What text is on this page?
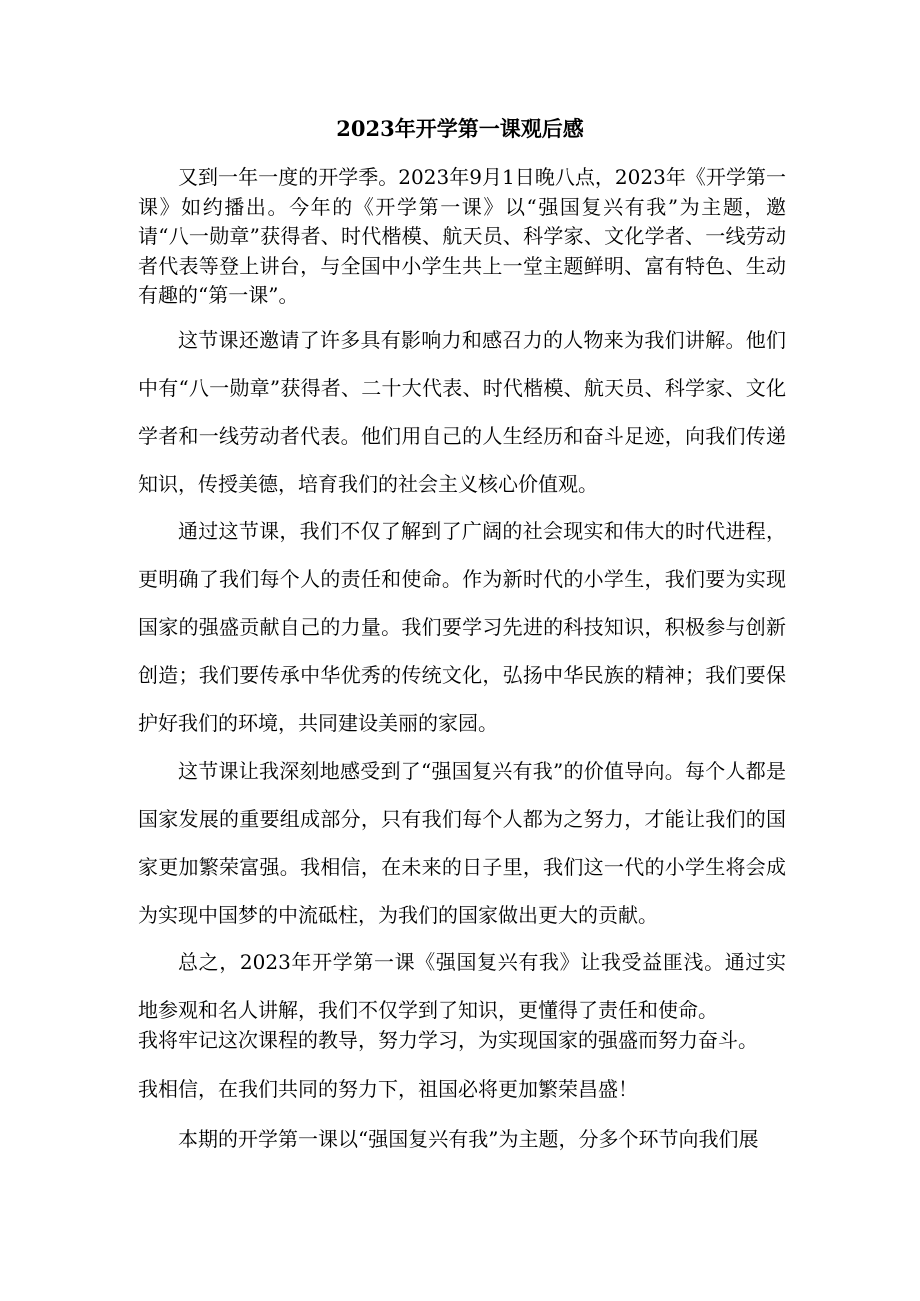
2023年开学第一课观后感

又到一年一度的开学季。2023年9月1日晚八点，2023年《开学第一课》如约播出。今年的《开学第一课》以“强国复兴有我”为主题，邀请“八一勋章”获得者、时代楷模、航天员、科学家、文化学者、一线劳动者代表等登上讲台，与全国中小学生共上一堂主题鲜明、富有特色、生动有趣的“第一课”。

这节课还邀请了许多具有影响力和感召力的人物来为我们讲解。他们中有“八一勋章”获得者、二十大代表、时代楷模、航天员、科学家、文化学者和一线劳动者代表。他们用自己的人生经历和奋斗足迹，向我们传递知识，传授美德，培育我们的社会主义核心价值观。

通过这节课，我们不仅了解到了广阔的社会现实和伟大的时代进程，更明确了我们每个人的责任和使命。作为新时代的小学生，我们要为实现国家的强盛贡献自己的力量。我们要学习先进的科技知识，积极参与创新创造；我们要传承中华优秀的传统文化，弘扬中华民族的精神；我们要保护好我们的环境，共同建设美丽的家园。

这节课让我深刻地感受到了“强国复兴有我”的价值导向。每个人都是国家发展的重要组成部分，只有我们每个人都为之努力，才能让我们的国家更加繁荣富强。我相信，在未来的日子里，我们这一代的小学生将会成为实现中国梦的中流砥柱，为我们的国家做出更大的贡献。

总之，2023年开学第一课《强国复兴有我》让我受益匪浅。通过实地参观和名人讲解，我们不仅学到了知识，更懂得了责任和使命。

我将牢记这次课程的教导，努力学习，为实现国家的强盛而努力奋斗。

我相信，在我们共同的努力下，祖国必将更加繁荣昌盛！

本期的开学第一课以“强国复兴有我”为主题，分多个环节向我们展
